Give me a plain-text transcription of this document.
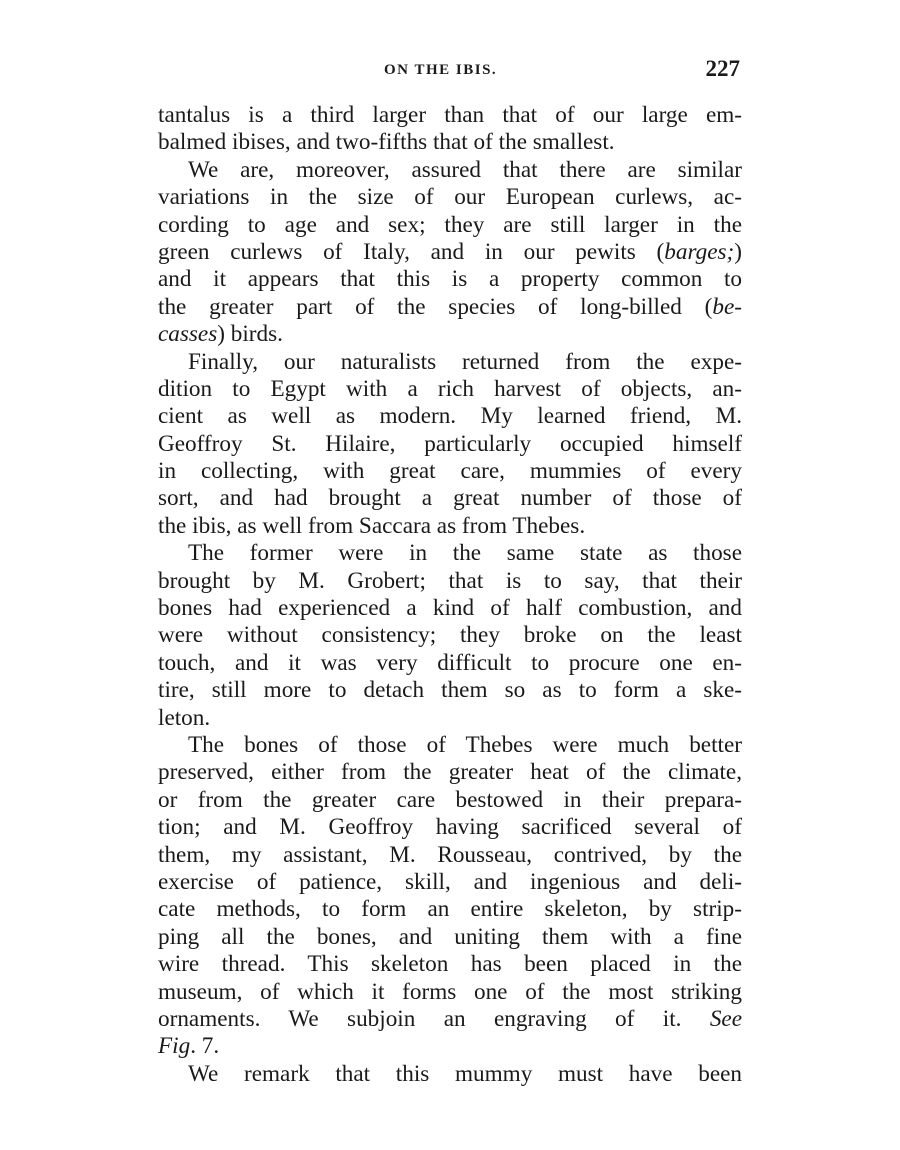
ON THE IBIS.	227
tantalus is a third larger than that of our large em-
balmed ibises, and two-fifths that of the smallest.
We are, moreover, assured that there are similar
variations in the size of our European curlews, ac-
cording to age and sex; they are still larger in the
green curlews of Italy, and in our pewits (barges;)
and it appears that this is a property common to
the greater part of the species of long-billed (be-
casses) birds.
Finally, our naturalists returned from the expe-
dition to Egypt with a rich harvest of objects, an-
cient as well as modern. My learned friend, M.
Geoffroy St. Hilaire, particularly occupied himself
in collecting, with great care, mummies of every
sort, and had brought a great number of those of
the ibis, as well from Saccara as from Thebes.
The former were in the same state as those
brought by M. Grobert; that is to say, that their
bones had experienced a kind of half combustion, and
were without consistency; they broke on the least
touch, and it was very difficult to procure one en-
tire, still more to detach them so as to form a ske-
leton.
The bones of those of Thebes were much better
preserved, either from the greater heat of the climate,
or from the greater care bestowed in their prepara-
tion; and M. Geoffroy having sacrificed several of
them, my assistant, M. Rousseau, contrived, by the
exercise of patience, skill, and ingenious and deli-
cate methods, to form an entire skeleton, by strip-
ping all the bones, and uniting them with a fine
wire thread. This skeleton has been placed in the
museum, of which it forms one of the most striking
ornaments. We subjoin an engraving of it. See
Fig. 7.
We remark that this mummy must have been
